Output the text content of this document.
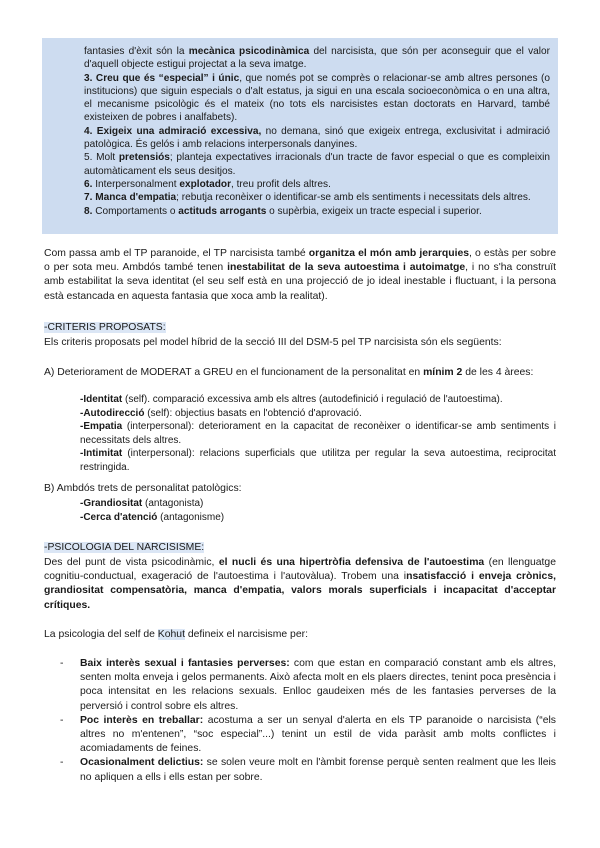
fantasies d'èxit són la mecànica psicodinàmica del narcisista, que són per aconseguir que el valor d'aquell objecte estigui projectat a la seva imatge.

3. Creu que és “especial” i únic, que només pot se comprès o relacionar-se amb altres persones (o institucions) que siguin especials o d'alt estatus, ja sigui en una escala socioeconòmica o en una altra, el mecanisme psicològic és el mateix (no tots els narcisistes estan doctorats en Harvard, també existeixen de pobres i analfabets).

4. Exigeix una admiració excessiva, no demana, sinó que exigeix entrega, exclusivitat i admiració patològica. És gelós i amb relacions interpersonals danyines.

5. Molt pretensiós; planteja expectatives irracionals d'un tracte de favor especial o que es compleixin automàticament els seus desitjos.

6. Interpersonalment explotador, treu profit dels altres.

7. Manca d'empatia; rebutja reconèixer o identificar-se amb els sentiments i necessitats dels altres.

8. Comportaments o actituds arrogants o supèrbia, exigeix un tracte especial i superior.

Com passa amb el TP paranoide, el TP narcisista també organitza el món amb jerarquies, o estàs per sobre o per sota meu. Ambdós també tenen inestabilitat de la seva autoestima i autoimatge, i no s'ha construït amb estabilitat la seva identitat (el seu self està en una projecció de jo ideal inestable i fluctuant, i la persona està estancada en aquesta fantasia que xoca amb la realitat).

-CRITERIS PROPOSATS:

Els criteris proposats pel model híbrid de la secció III del DSM-5 pel TP narcisista són els següents:

A) Deteriorament de MODERAT a GREU en el funcionament de la personalitat en mínim 2 de les 4 àrees:

-Identitat (self). comparació excessiva amb els altres (autodefinició i regulació de l'autoestima).

-Autodirecció (self): objectius basats en l'obtenció d'aprovació.

-Empatia (interpersonal): deteriorament en la capacitat de reconèixer o identificar-se amb sentiments i necessitats dels altres.

-Intimitat (interpersonal): relacions superficials que utilitza per regular la seva autoestima, reciprocitat restringida.

B) Ambdós trets de personalitat patològics:

-Grandiositat (antagonista)

-Cerca d'atenció (antagonisme)

-PSICOLOGIA DEL NARCISISME:

Des del punt de vista psicodinàmic, el nucli és una hipertròfia defensiva de l'autoestima (en llenguatge cognitiu-conductual, exageració de l'autoestima i l'autovàlua). Trobem una insatisfacció i enveja crònics, grandiositat compensatòria, manca d'empatia, valors morals superficials i incapacitat d'acceptar crítiques.

La psicologia del self de Kohut defineix el narcisisme per:

- Baix interès sexual i fantasies perverses: com que estan en comparació constant amb els altres, senten molta enveja i gelos permanents. Això afecta molt en els plaers directes, tenint poca presència i poca intensitat en les relacions sexuals. Enlloc gaudeixen més de les fantasies perverses de la perversió i control sobre els altres.
- Poc interès en treballar: acostuma a ser un senyal d'alerta en els TP paranoide o narcisista (“els altres no m'entenen”, “soc especial”...) tenint un estil de vida paràsit amb molts conflictes i acomiadaments de feines.
- Ocasionalment delictius: se solen veure molt en l'àmbit forense perquè senten realment que les lleis no apliquen a ells i ells estan per sobre.
